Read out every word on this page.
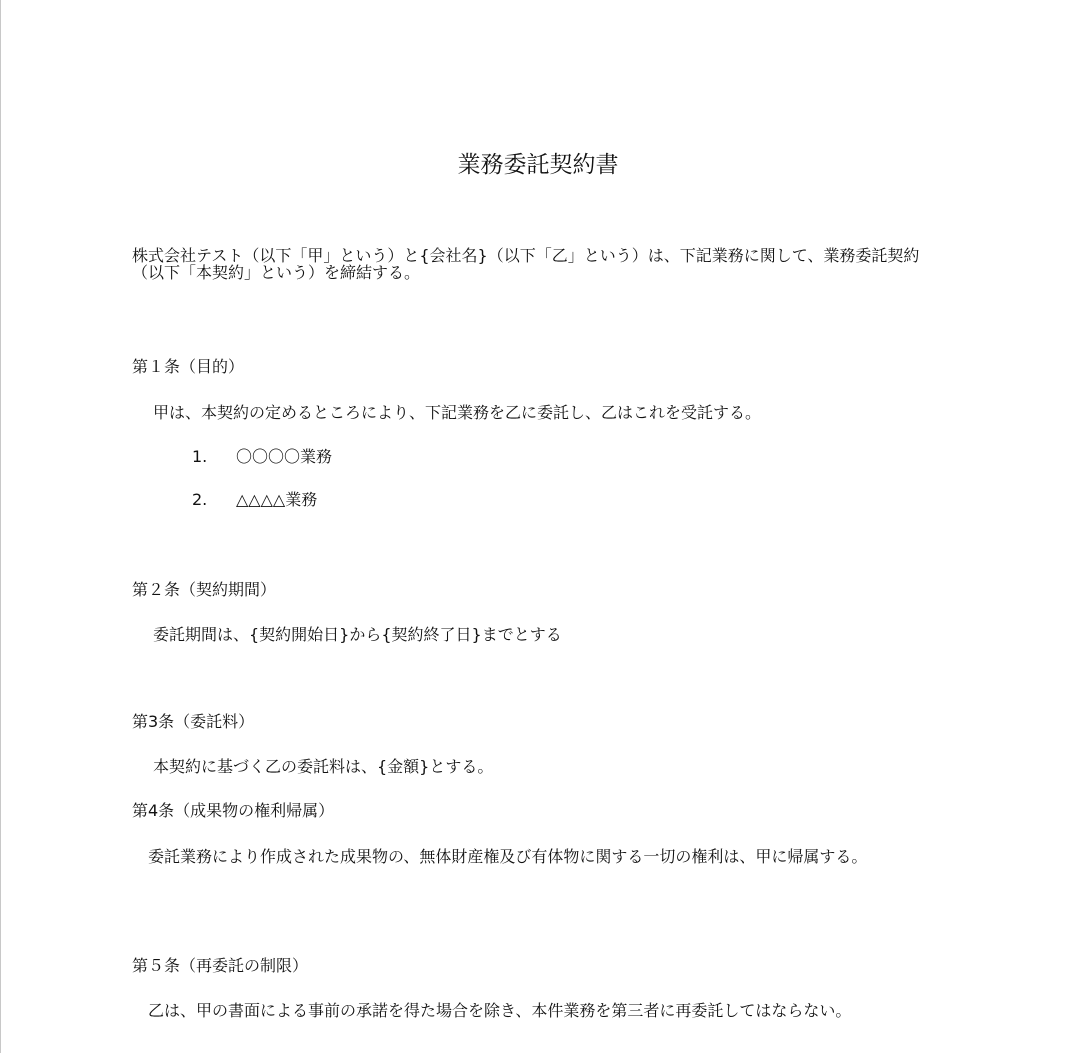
業務委託契約書
株式会社テスト（以下「甲」という）と{会社名}（以下「乙」という）は、下記業務に関して、業務委託契約（以下「本契約」という）を締結する。
第１条（目的）
甲は、本契約の定めるところにより、下記業務を乙に委託し、乙はこれを受託する。
1.	〇〇〇〇業務
2.	△△△△業務
第２条（契約期間）
委託期間は、{契約開始日}から{契約終了日}までとする
第3条（委託料）
本契約に基づく乙の委託料は、{金額}とする。
第4条（成果物の権利帰属）
　委託業務により作成された成果物の、無体財産権及び有体物に関する一切の権利は、甲に帰属する。
第５条（再委託の制限）
　乙は、甲の書面による事前の承諾を得た場合を除き、本件業務を第三者に再委託してはならない。
